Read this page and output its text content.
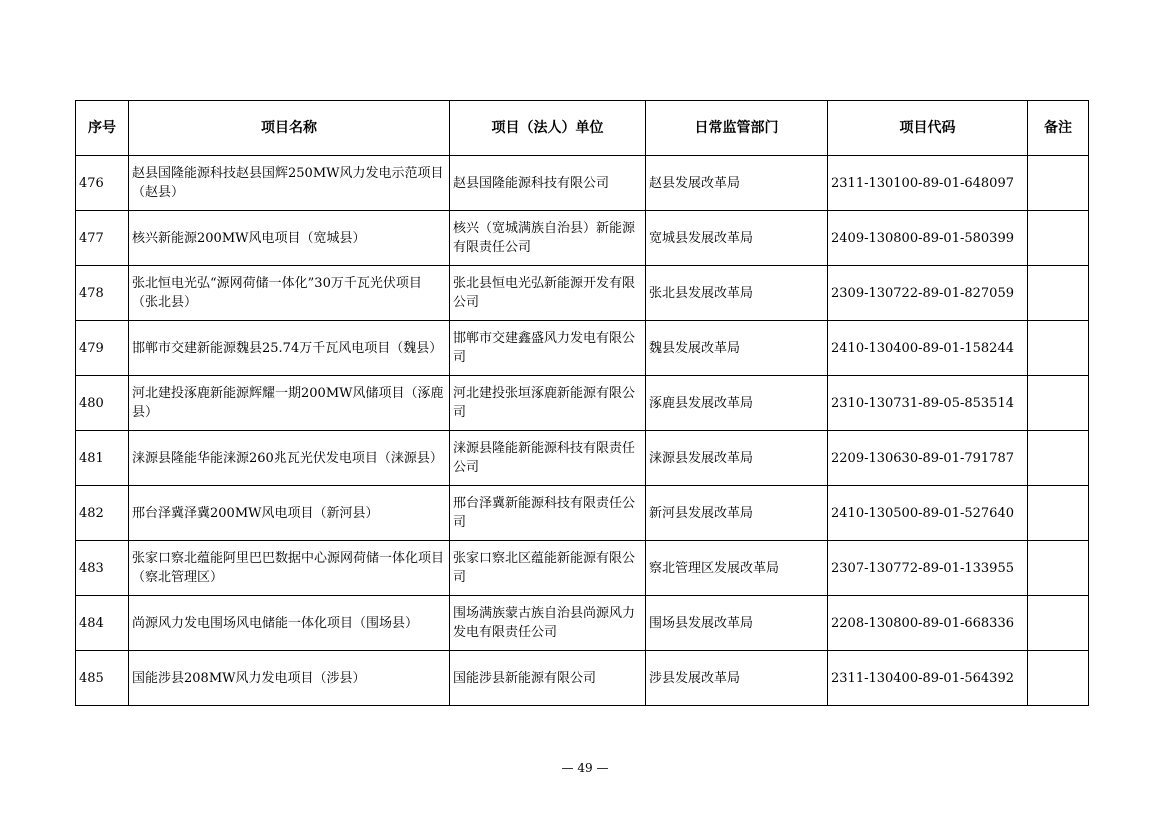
序号	项目名称	项目（法人）单位	日常监管部门	项目代码	备注
476	赵县国隆能源科技赵县国辉250MW风力发电示范项目（赵县）	赵县国隆能源科技有限公司	赵县发展改革局	2311-130100-89-01-648097	
477	核兴新能源200MW风电项目（宽城县）	核兴（宽城满族自治县）新能源有限责任公司	宽城县发展改革局	2409-130800-89-01-580399	
478	张北恒电光弘“源网荷储一体化”30万千瓦光伏项目（张北县）	张北县恒电光弘新能源开发有限公司	张北县发展改革局	2309-130722-89-01-827059	
479	邯郸市交建新能源魏县25.74万千瓦风电项目（魏县）	邯郸市交建鑫盛风力发电有限公司	魏县发展改革局	2410-130400-89-01-158244	
480	河北建投涿鹿新能源辉耀一期200MW风储项目（涿鹿县）	河北建投张垣涿鹿新能源有限公司	涿鹿县发展改革局	2310-130731-89-05-853514	
481	涞源县隆能华能涞源260兆瓦光伏发电项目（涞源县）	涞源县隆能新能源科技有限责任公司	涞源县发展改革局	2209-130630-89-01-791787	
482	邢台泽冀泽冀200MW风电项目（新河县）	邢台泽冀新能源科技有限责任公司	新河县发展改革局	2410-130500-89-01-527640	
483	张家口察北蕴能阿里巴巴数据中心源网荷储一体化项目（察北管理区）	张家口察北区蕴能新能源有限公司	察北管理区发展改革局	2307-130772-89-01-133955	
484	尚源风力发电围场风电储能一体化项目（围场县）	围场满族蒙古族自治县尚源风力发电有限责任公司	围场县发展改革局	2208-130800-89-01-668336	
485	国能涉县208MW风力发电项目（涉县）	国能涉县新能源有限公司	涉县发展改革局	2311-130400-89-01-564392	
— 49 —
